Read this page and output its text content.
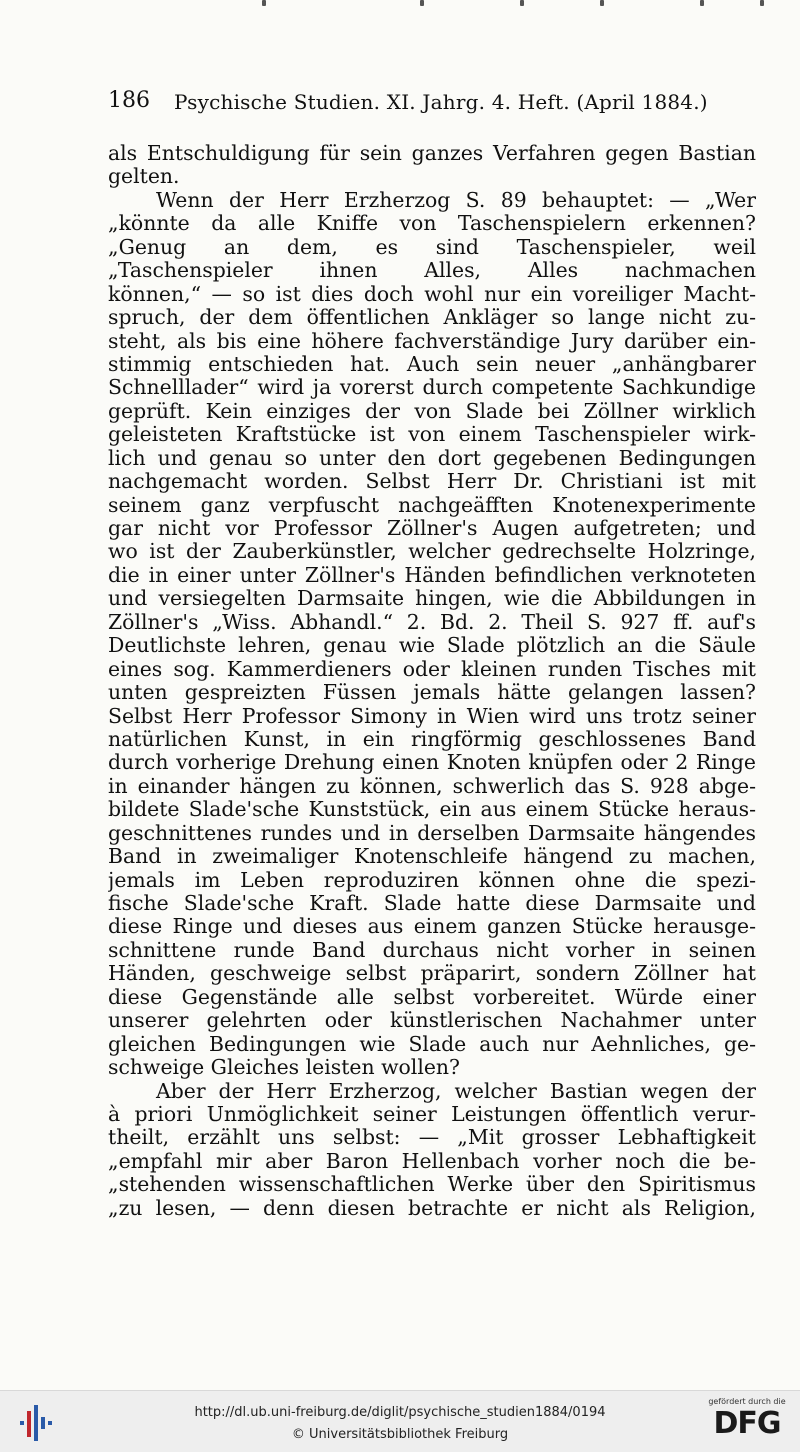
186 Psychische Studien. XI. Jahrg. 4. Heft. (April 1884.)
als Entschuldigung für sein ganzes Verfahren gegen Bastian
gelten.
Wenn der Herr Erzherzog S. 89 behauptet: — „Wer
„könnte da alle Kniffe von Taschenspielern erkennen?
„Genug an dem, es sind Taschenspieler, weil
„Taschenspieler ihnen Alles, Alles nachmachen
können,“ — so ist dies doch wohl nur ein voreiliger Macht-
spruch, der dem öffentlichen Ankläger so lange nicht zu-
steht, als bis eine höhere fachverständige Jury darüber ein-
stimmig entschieden hat. Auch sein neuer „anhängbarer
Schnelllader“ wird ja vorerst durch competente Sachkundige
geprüft. Kein einziges der von Slade bei Zöllner wirklich
geleisteten Kraftstücke ist von einem Taschenspieler wirk-
lich und genau so unter den dort gegebenen Bedingungen
nachgemacht worden. Selbst Herr Dr. Christiani ist mit
seinem ganz verpfuscht nachgeäfften Knotenexperimente
gar nicht vor Professor Zöllner's Augen aufgetreten; und
wo ist der Zauberkünstler, welcher gedrechselte Holzringe,
die in einer unter Zöllner's Händen befindlichen verknoteten
und versiegelten Darmsaite hingen, wie die Abbildungen in
Zöllner's „Wiss. Abhandl.“ 2. Bd. 2. Theil S. 927 ff. auf's
Deutlichste lehren, genau wie Slade plötzlich an die Säule
eines sog. Kammerdieners oder kleinen runden Tisches mit
unten gespreizten Füssen jemals hätte gelangen lassen?
Selbst Herr Professor Simony in Wien wird uns trotz seiner
natürlichen Kunst, in ein ringförmig geschlossenes Band
durch vorherige Drehung einen Knoten knüpfen oder 2 Ringe
in einander hängen zu können, schwerlich das S. 928 abge-
bildete Slade'sche Kunststück, ein aus einem Stücke heraus-
geschnittenes rundes und in derselben Darmsaite hängendes
Band in zweimaliger Knotenschleife hängend zu machen,
jemals im Leben reproduziren können ohne die spezi-
fische Slade'sche Kraft. Slade hatte diese Darmsaite und
diese Ringe und dieses aus einem ganzen Stücke herausge-
schnittene runde Band durchaus nicht vorher in seinen
Händen, geschweige selbst präparirt, sondern Zöllner hat
diese Gegenstände alle selbst vorbereitet. Würde einer
unserer gelehrten oder künstlerischen Nachahmer unter
gleichen Bedingungen wie Slade auch nur Aehnliches, ge-
schweige Gleiches leisten wollen?
Aber der Herr Erzherzog, welcher Bastian wegen der
à priori Unmöglichkeit seiner Leistungen öffentlich verur-
theilt, erzählt uns selbst: — „Mit grosser Lebhaftigkeit
„empfahl mir aber Baron Hellenbach vorher noch die be-
„stehenden wissenschaftlichen Werke über den Spiritismus
„zu lesen, — denn diesen betrachte er nicht als Religion,
http://dl.ub.uni-freiburg.de/diglit/psychische_studien1884/0194
© Universitätsbibliothek Freiburg
gefördert durch die
DFG
